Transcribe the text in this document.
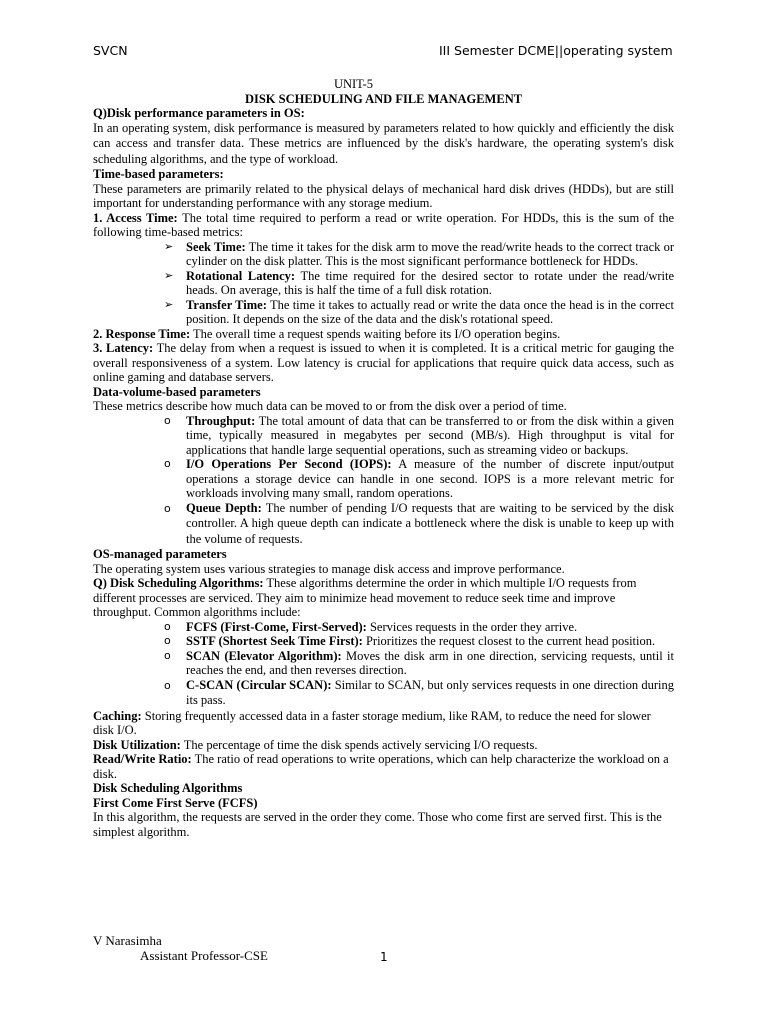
SVCN	III Semester DCME||operating system

UNIT-5

DISK SCHEDULING AND FILE MANAGEMENT

Q)Disk performance parameters in OS:

In an operating system, disk performance is measured by parameters related to how quickly and efficiently the disk can access and transfer data. These metrics are influenced by the disk's hardware, the operating system's disk scheduling algorithms, and the type of workload.

Time-based parameters:

These parameters are primarily related to the physical delays of mechanical hard disk drives (HDDs), but are still important for understanding performance with any storage medium.

1. Access Time: The total time required to perform a read or write operation. For HDDs, this is the sum of the following time-based metrics:

➢ Seek Time: The time it takes for the disk arm to move the read/write heads to the correct track or cylinder on the disk platter. This is the most significant performance bottleneck for HDDs.
➢ Rotational Latency: The time required for the desired sector to rotate under the read/write heads. On average, this is half the time of a full disk rotation.
➢ Transfer Time: The time it takes to actually read or write the data once the head is in the correct position. It depends on the size of the data and the disk's rotational speed.

2. Response Time: The overall time a request spends waiting before its I/O operation begins.

3. Latency: The delay from when a request is issued to when it is completed. It is a critical metric for gauging the overall responsiveness of a system. Low latency is crucial for applications that require quick data access, such as online gaming and database servers.

Data-volume-based parameters

These metrics describe how much data can be moved to or from the disk over a period of time.

o Throughput: The total amount of data that can be transferred to or from the disk within a given time, typically measured in megabytes per second (MB/s). High throughput is vital for applications that handle large sequential operations, such as streaming video or backups.
o I/O Operations Per Second (IOPS): A measure of the number of discrete input/output operations a storage device can handle in one second. IOPS is a more relevant metric for workloads involving many small, random operations.
o Queue Depth: The number of pending I/O requests that are waiting to be serviced by the disk controller. A high queue depth can indicate a bottleneck where the disk is unable to keep up with the volume of requests.

OS-managed parameters

The operating system uses various strategies to manage disk access and improve performance.

Q) Disk Scheduling Algorithms: These algorithms determine the order in which multiple I/O requests from different processes are serviced. They aim to minimize head movement to reduce seek time and improve throughput. Common algorithms include:

o FCFS (First-Come, First-Served): Services requests in the order they arrive.
o SSTF (Shortest Seek Time First): Prioritizes the request closest to the current head position.
o SCAN (Elevator Algorithm): Moves the disk arm in one direction, servicing requests, until it reaches the end, and then reverses direction.
o C-SCAN (Circular SCAN): Similar to SCAN, but only services requests in one direction during its pass.

Caching: Storing frequently accessed data in a faster storage medium, like RAM, to reduce the need for slower disk I/O.

Disk Utilization: The percentage of time the disk spends actively servicing I/O requests.

Read/Write Ratio: The ratio of read operations to write operations, which can help characterize the workload on a disk.

Disk Scheduling Algorithms

First Come First Serve (FCFS)

In this algorithm, the requests are served in the order they come. Those who come first are served first. This is the simplest algorithm.

V Narasimha
Assistant Professor-CSE	1
